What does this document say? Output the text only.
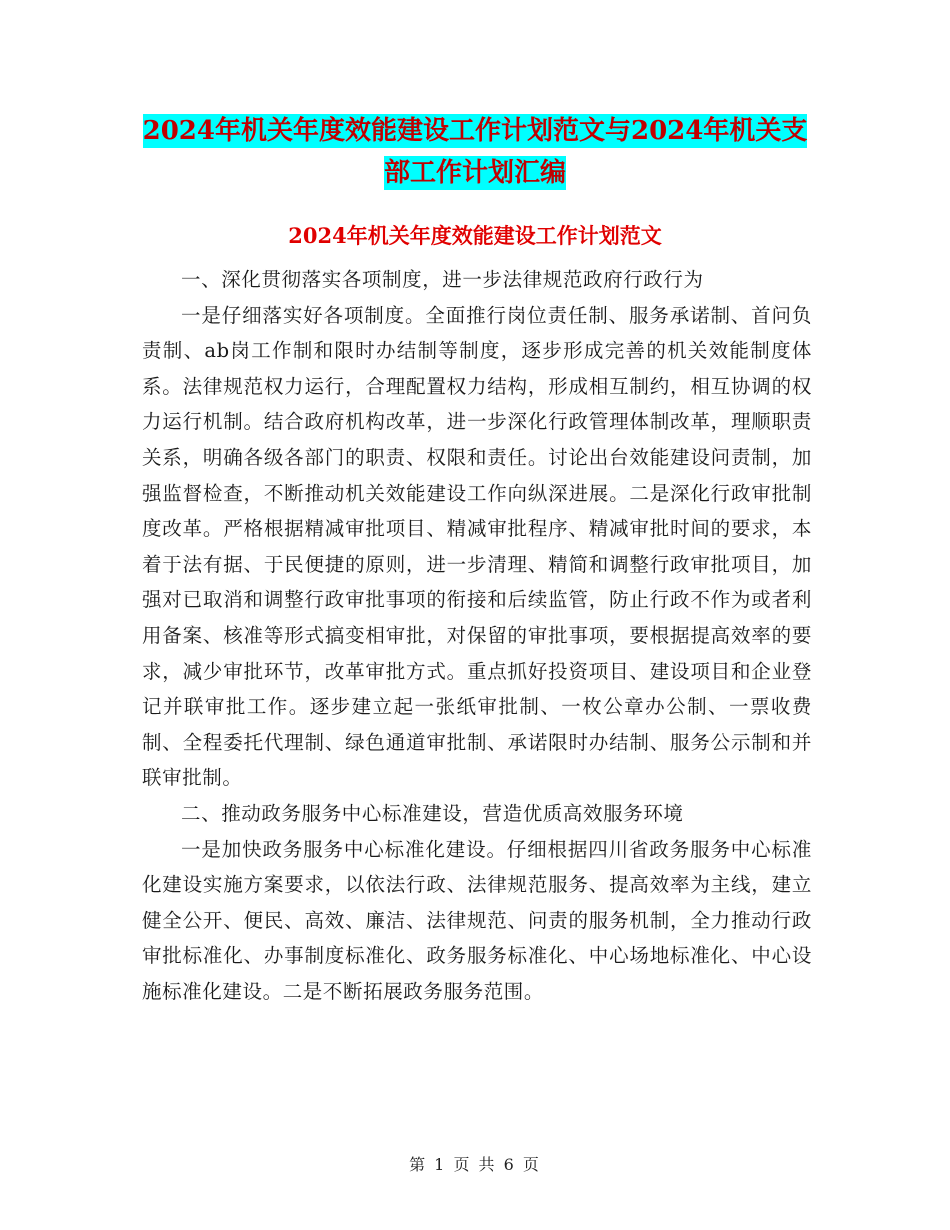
2024年机关年度效能建设工作计划范文与2024年机关支部工作计划汇编
2024年机关年度效能建设工作计划范文

一、深化贯彻落实各项制度，进一步法律规范政府行政行为

一是仔细落实好各项制度。全面推行岗位责任制、服务承诺制、首问负责制、ab岗工作制和限时办结制等制度，逐步形成完善的机关效能制度体系。法律规范权力运行，合理配置权力结构，形成相互制约，相互协调的权力运行机制。结合政府机构改革，进一步深化行政管理体制改革，理顺职责关系，明确各级各部门的职责、权限和责任。讨论出台效能建设问责制，加强监督检查，不断推动机关效能建设工作向纵深进展。二是深化行政审批制度改革。严格根据精减审批项目、精减审批程序、精减审批时间的要求，本着于法有据、于民便捷的原则，进一步清理、精简和调整行政审批项目，加强对已取消和调整行政审批事项的衔接和后续监管，防止行政不作为或者利用备案、核准等形式搞变相审批，对保留的审批事项，要根据提高效率的要求，减少审批环节，改革审批方式。重点抓好投资项目、建设项目和企业登记并联审批工作。逐步建立起一张纸审批制、一枚公章办公制、一票收费制、全程委托代理制、绿色通道审批制、承诺限时办结制、服务公示制和并联审批制。

二、推动政务服务中心标准建设，营造优质高效服务环境

一是加快政务服务中心标准化建设。仔细根据四川省政务服务中心标准化建设实施方案要求，以依法行政、法律规范服务、提高效率为主线，建立健全公开、便民、高效、廉洁、法律规范、问责的服务机制，全力推动行政审批标准化、办事制度标准化、政务服务标准化、中心场地标准化、中心设施标准化建设。二是不断拓展政务服务范围。

第 1 页 共 6 页
